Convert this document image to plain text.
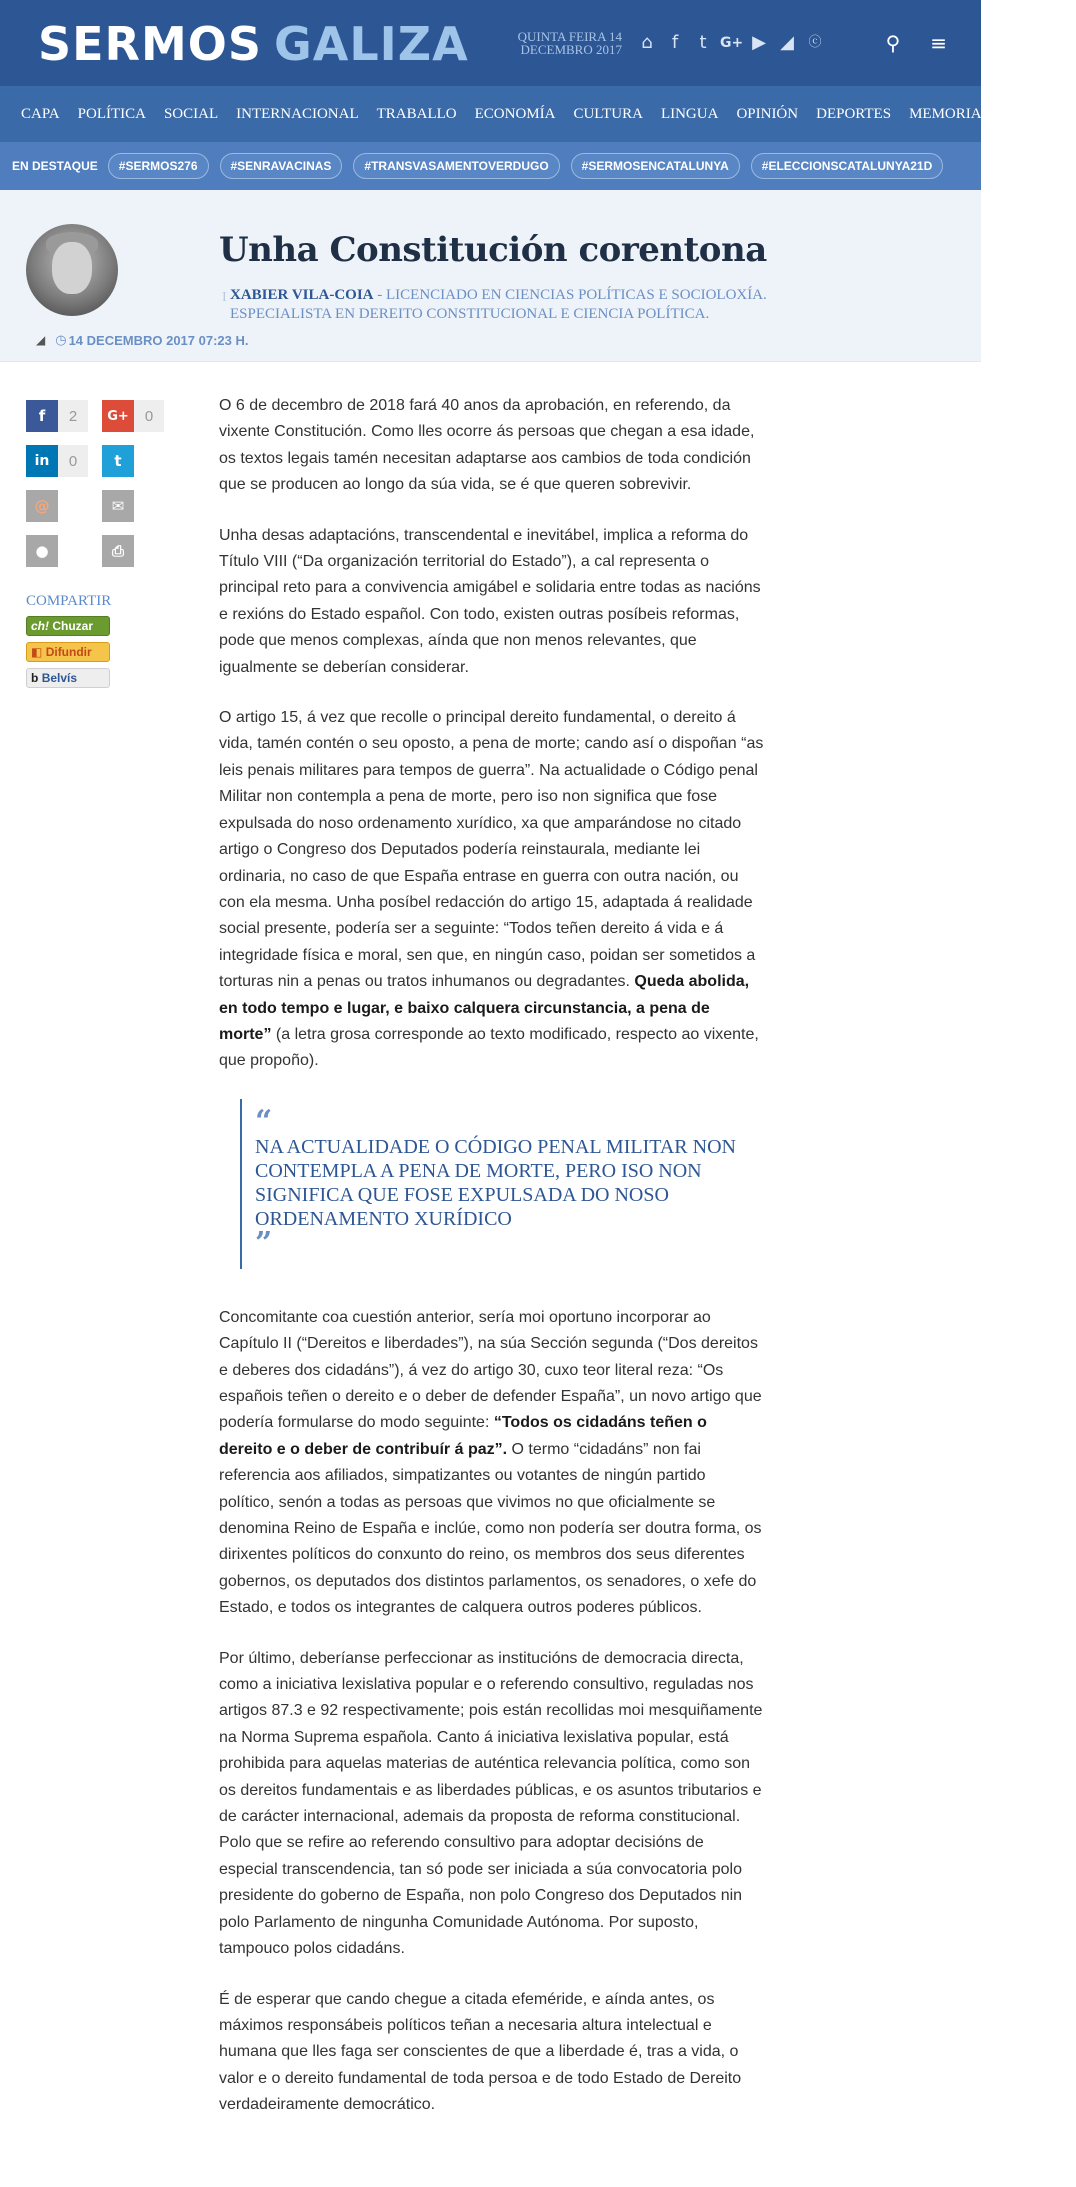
SERMOS GALIZA	QUINTA FEIRA 14
DECEMBRO 2017 ⌂	f	t G+ ▶ ◢	ⓒ	⚲ ≡
CAPA	POLÍTICA	SOCIAL	INTERNACIONAL	TRABALLO	ECONOMÍA	CULTURA	LINGUA	OPINIÓN	DEPORTES	MEMORIA E HISTORIA
EN DESTAQUE	#SERMOS276	#SENRAVACINAS	#TRANSVASAMENTOVERDUGO	#SERMOSENCATALUNYA	#ELECCIONSCATALUNYA21D
Unha Constitución corentona
I XABIER VILA-COIA - LICENCIADO EN CIENCIAS POLÍTICAS E SOCIOLOXÍA. ESPECIALISTA EN DEREITO CONSTITUCIONAL E CIENCIA POLÍTICA.
◢ ◷ 14 DECEMBRO 2017 07:23 H.
f	2	G+	0
in	0	t
@	✉
●	⎙
COMPARTIR
ch! Chuzar
◧ Difundir
b Belvís

O 6 de decembro de 2018 fará 40 anos da aprobación, en referendo, da vixente Constitución. Como lles ocorre ás persoas que chegan a esa idade, os textos legais tamén necesitan adaptarse aos cambios de toda condición que se producen ao longo da súa vida, se é que queren sobrevivir.

Unha desas adaptacións, transcendental e inevitábel, implica a reforma do Título VIII (“Da organización territorial do Estado”), a cal representa o principal reto para a convivencia amigábel e solidaria entre todas as nacións e rexións do Estado español. Con todo, existen outras posíbeis reformas, pode que menos complexas, aínda que non menos relevantes, que igualmente se deberían considerar.

O artigo 15, á vez que recolle o principal dereito fundamental, o dereito á vida, tamén contén o seu oposto, a pena de morte; cando así o dispoñan “as leis penais militares para tempos de guerra”. Na actualidade o Código penal Militar non contempla a pena de morte, pero iso non significa que fose expulsada do noso ordenamento xurídico, xa que amparándose no citado artigo o Congreso dos Deputados podería reinstaurala, mediante lei ordinaria, no caso de que España entrase en guerra con outra nación, ou con ela mesma. Unha posíbel redacción do artigo 15, adaptada á realidade social presente, podería ser a seguinte: “Todos teñen dereito á vida e á integridade física e moral, sen que, en ningún caso, poidan ser sometidos a torturas nin a penas ou tratos inhumanos ou degradantes. Queda abolida, en todo tempo e lugar, e baixo calquera circunstancia, a pena de morte” (a letra grosa corresponde ao texto modificado, respecto ao vixente, que propoño).

“
NA ACTUALIDADE O CÓDIGO PENAL MILITAR NON CONTEMPLA A PENA DE MORTE, PERO ISO NON SIGNIFICA QUE FOSE EXPULSADA DO NOSO ORDENAMENTO XURÍDICO
”

Concomitante coa cuestión anterior, sería moi oportuno incorporar ao Capítulo II (“Dereitos e liberdades”), na súa Sección segunda (“Dos dereitos e deberes dos cidadáns”), á vez do artigo 30, cuxo teor literal reza: “Os españois teñen o dereito e o deber de defender España”, un novo artigo que podería formularse do modo seguinte: “Todos os cidadáns teñen o dereito e o deber de contribuír á paz”. O termo “cidadáns” non fai referencia aos afiliados, simpatizantes ou votantes de ningún partido político, senón a todas as persoas que vivimos no que oficialmente se denomina Reino de España e inclúe, como non podería ser doutra forma, os dirixentes políticos do conxunto do reino, os membros dos seus diferentes gobernos, os deputados dos distintos parlamentos, os senadores, o xefe do Estado, e todos os integrantes de calquera outros poderes públicos.

Por último, deberíanse perfeccionar as institucións de democracia directa, como a iniciativa lexislativa popular e o referendo consultivo, reguladas nos artigos 87.3 e 92 respectivamente; pois están recollidas moi mesquiñamente na Norma Suprema española. Canto á iniciativa lexislativa popular, está prohibida para aquelas materias de auténtica relevancia política, como son os dereitos fundamentais e as liberdades públicas, e os asuntos tributarios e de carácter internacional, ademais da proposta de reforma constitucional. Polo que se refire ao referendo consultivo para adoptar decisións de especial transcendencia, tan só pode ser iniciada a súa convocatoria polo presidente do goberno de España, non polo Congreso dos Deputados nin polo Parlamento de ningunha Comunidade Autónoma. Por suposto, tampouco polos cidadáns.

É de esperar que cando chegue a citada efeméride, e aínda antes, os máximos responsábeis políticos teñan a necesaria altura intelectual e humana que lles faga ser conscientes de que a liberdade é, tras a vida, o valor e o dereito fundamental de toda persoa e de todo Estado de Dereito verdadeiramente democrático.
